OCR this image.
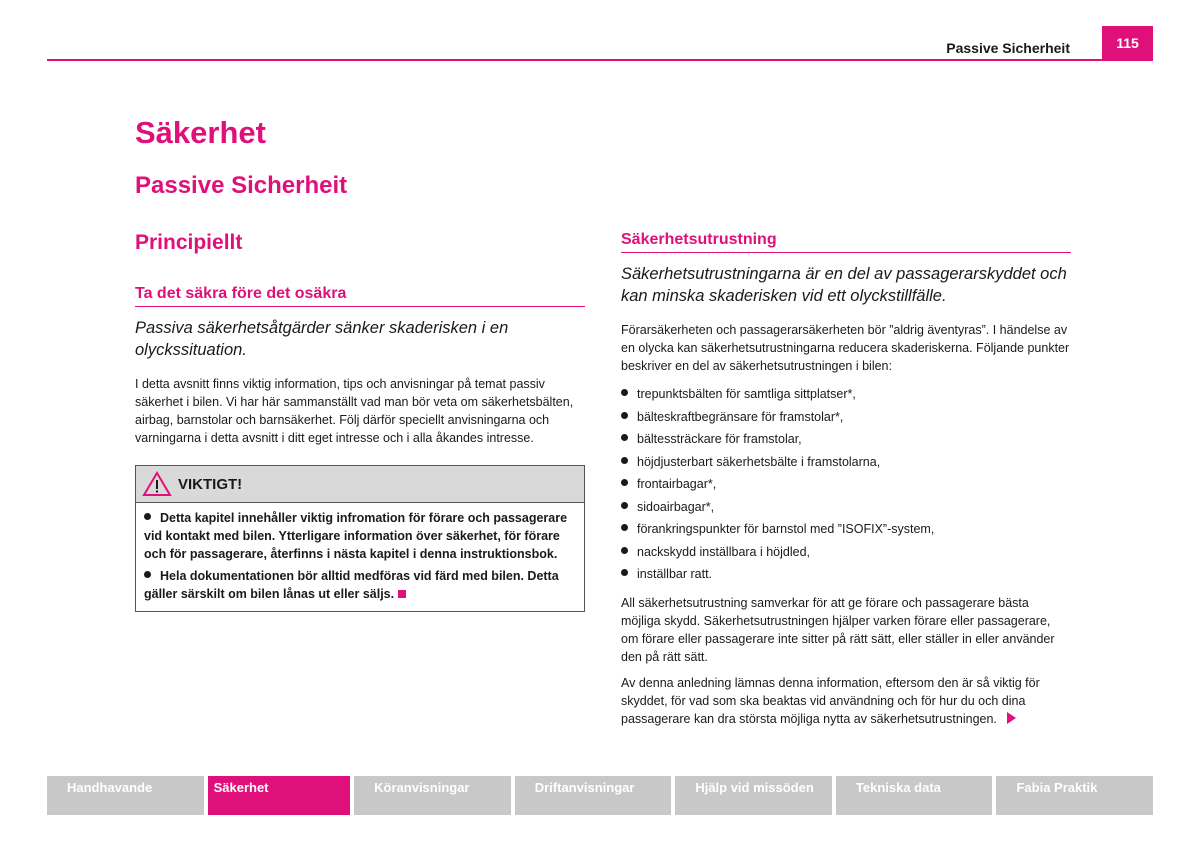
Passive Sicherheit	115
Säkerhet
Passive Sicherheit
Principiellt
Ta det säkra före det osäkra

Passiva säkerhetsåtgärder sänker skaderisken i en olyckssituation.

I detta avsnitt finns viktig information, tips och anvisningar på temat passiv säkerhet i bilen. Vi har här sammanställt vad man bör veta om säkerhetsbälten, airbag, barnstolar och barnsäkerhet. Följ därför speciellt anvisningarna och varningarna i detta avsnitt i ditt eget intresse och i alla åkandes intresse.

VIKTIGT!

Detta kapitel innehåller viktig infromation för förare och passagerare vid kontakt med bilen. Ytterligare information över säkerhet, för förare och för passagerare, återfinns i nästa kapitel i denna instruktionsbok.

Hela dokumentationen bör alltid medföras vid färd med bilen. Detta gäller särskilt om bilen lånas ut eller säljs.

Säkerhetsutrustning

Säkerhetsutrustningarna är en del av passagerarskyddet och kan minska skaderisken vid ett olyckstillfälle.

Förarsäkerheten och passagerarsäkerheten bör ”aldrig äventyras”. I händelse av en olycka kan säkerhetsutrustningarna reducera skaderiskerna. Följande punkter beskriver en del av säkerhetsutrustningen i bilen:

trepunktsbälten för samtliga sittplatser*,
bälteskraftbegränsare för framstolar*,
bältessträckare för framstolar,
höjdjusterbart säkerhetsbälte i framstolarna,
frontairbagar*,
sidoairbagar*,
förankringspunkter för barnstol med ”ISOFIX”-system,
nackskydd inställbara i höjdled,
inställbar ratt.

All säkerhetsutrustning samverkar för att ge förare och passagerare bästa möjliga skydd. Säkerhetsutrustningen hjälper varken förare eller passagerare, om förare eller passagerare inte sitter på rätt sätt, eller ställer in eller använder den på rätt sätt.

Av denna anledning lämnas denna information, eftersom den är så viktig för skyddet, för vad som ska beaktas vid användning och för hur du och dina passagerare kan dra största möjliga nytta av säkerhetsutrustningen.

Handhavande	Säkerhet	Köranvisningar	Driftanvisningar	Hjälp vid missöden	Tekniska data	Fabia Praktik
